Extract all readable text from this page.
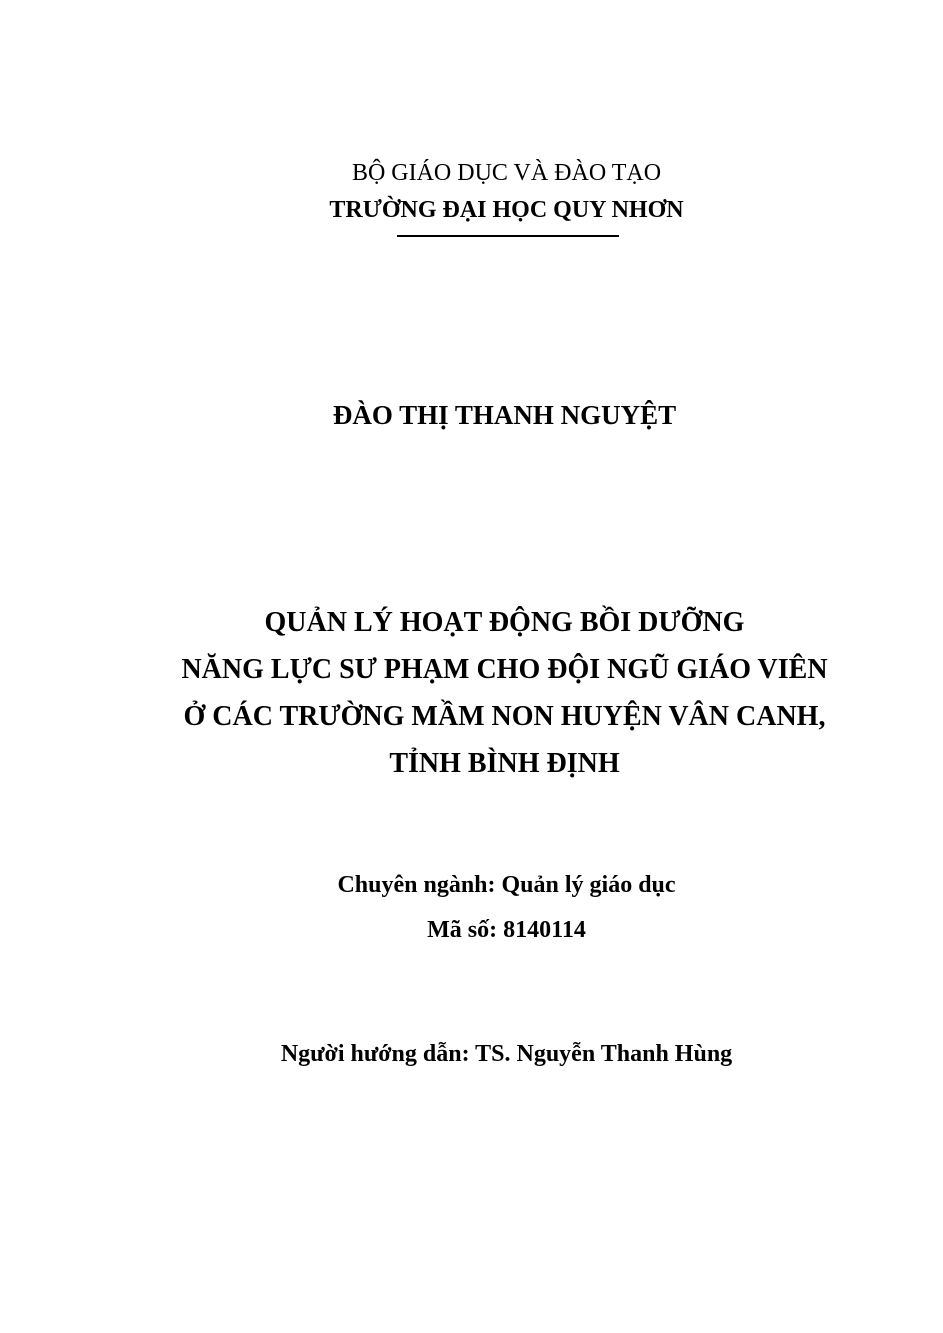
BỘ GIÁO DỤC VÀ ĐÀO TẠO
TRƯỜNG ĐẠI HỌC QUY NHƠN
ĐÀO THỊ THANH NGUYỆT
QUẢN LÝ HOẠT ĐỘNG BỒI DƯỠNG
NĂNG LỰC SƯ PHẠM CHO ĐỘI NGŨ GIÁO VIÊN
Ở CÁC TRƯỜNG MẦM NON HUYỆN VÂN CANH,
TỈNH BÌNH ĐỊNH
Chuyên ngành: Quản lý giáo dục
Mã số: 8140114
Người hướng dẫn: TS. Nguyễn Thanh Hùng
